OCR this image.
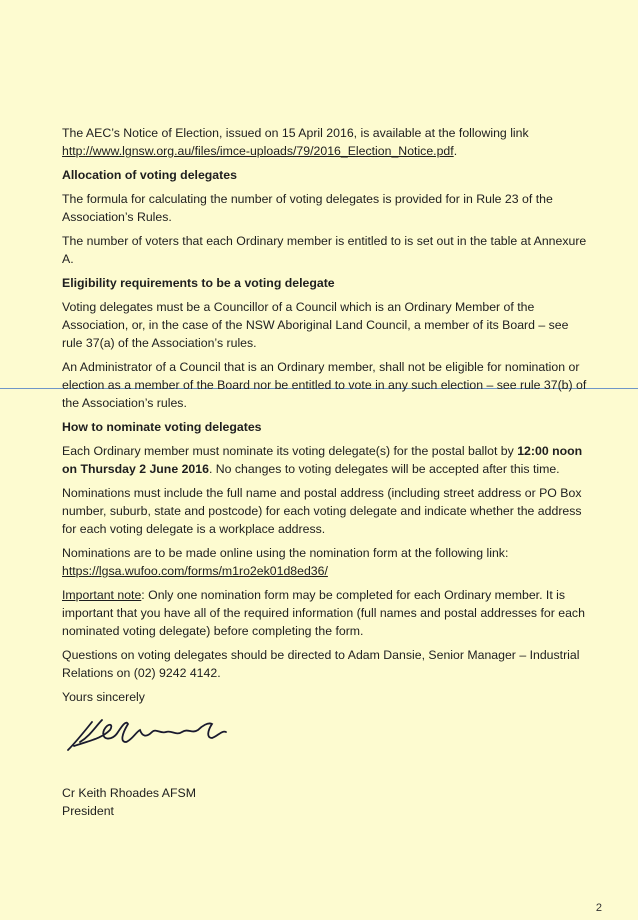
The AEC’s Notice of Election, issued on 15 April 2016, is available at the following link http://www.lgnsw.org.au/files/imce-uploads/79/2016_Election_Notice.pdf.

Allocation of voting delegates

The formula for calculating the number of voting delegates is provided for in Rule 23 of the Association’s Rules.

The number of voters that each Ordinary member is entitled to is set out in the table at Annexure A.

Eligibility requirements to be a voting delegate

Voting delegates must be a Councillor of a Council which is an Ordinary Member of the Association, or, in the case of the NSW Aboriginal Land Council, a member of its Board – see rule 37(a) of the Association’s rules.

An Administrator of a Council that is an Ordinary member, shall not be eligible for nomination or election as a member of the Board nor be entitled to vote in any such election – see rule 37(b) of the Association’s rules.

How to nominate voting delegates

Each Ordinary member must nominate its voting delegate(s) for the postal ballot by 12:00 noon on Thursday 2 June 2016. No changes to voting delegates will be accepted after this time.

Nominations must include the full name and postal address (including street address or PO Box number, suburb, state and postcode) for each voting delegate and indicate whether the address for each voting delegate is a workplace address.

Nominations are to be made online using the nomination form at the following link:
https://lgsa.wufoo.com/forms/m1ro2ek01d8ed36/

Important note: Only one nomination form may be completed for each Ordinary member. It is important that you have all of the required information (full names and postal addresses for each nominated voting delegate) before completing the form.

Questions on voting delegates should be directed to Adam Dansie, Senior Manager – Industrial Relations on (02) 9242 4142.

Yours sincerely

Cr Keith Rhoades AFSM
President
2
